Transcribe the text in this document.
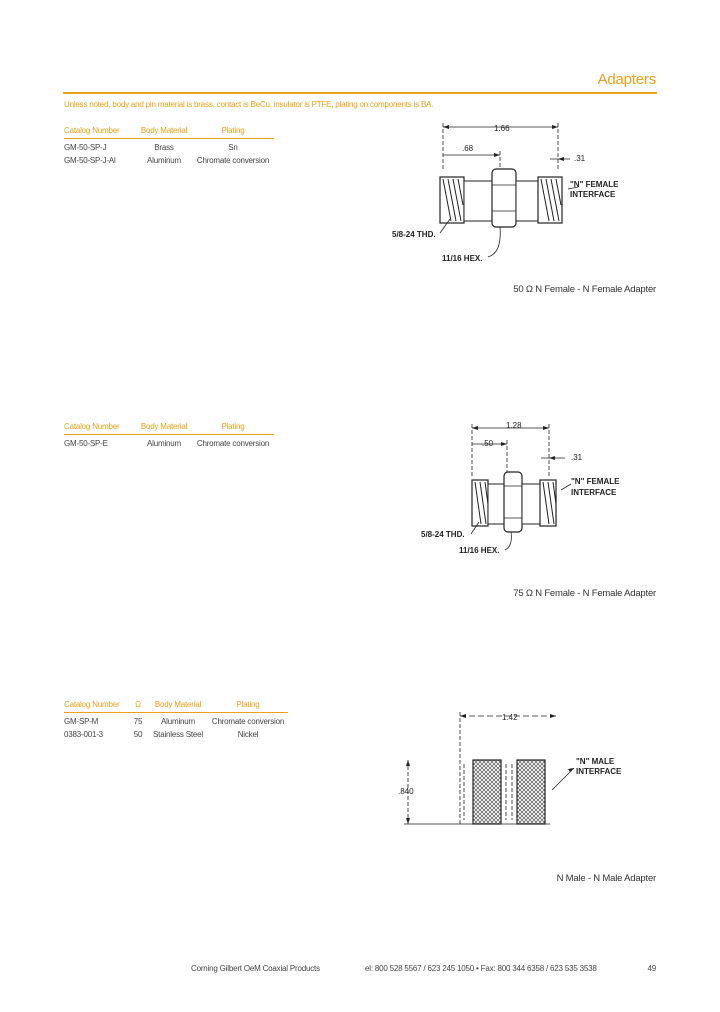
Adapters
Unless noted, body and pin material is brass, contact is BeCu, insulator is PTFE, plating on components is BA.
Catalog Number	Body Material	Plating
GM-50-SP-J	Brass	Sn
GM-50-SP-J-Al	Aluminum	Chromate conversion
1.66
.68
.31
"N" FEMALE
INTERFACE
5/8-24 THD.
11/16 HEX.
50 Ω N Female - N Female Adapter
Catalog Number	Body Material	Plating
GM-50-SP-E	Aluminum	Chromate conversion
1.28
.50
.31
"N" FEMALE
INTERFACE
5/8-24 THD.
11/16 HEX.
75 Ω N Female - N Female Adapter
Catalog Number	Ω	Body Material	Plating
GM-SP-M	75	Aluminum	Chromate conversion
0383-001-3	50	Stainless Steel	Nickel
1.42
.840
"N" MALE
INTERFACE
N Male - N Male Adapter
Corning Gilbert OeM Coaxial Products	el: 800 528 5567 / 623 245 1050 • Fax: 800 344 6358 / 623 535 3538	49
